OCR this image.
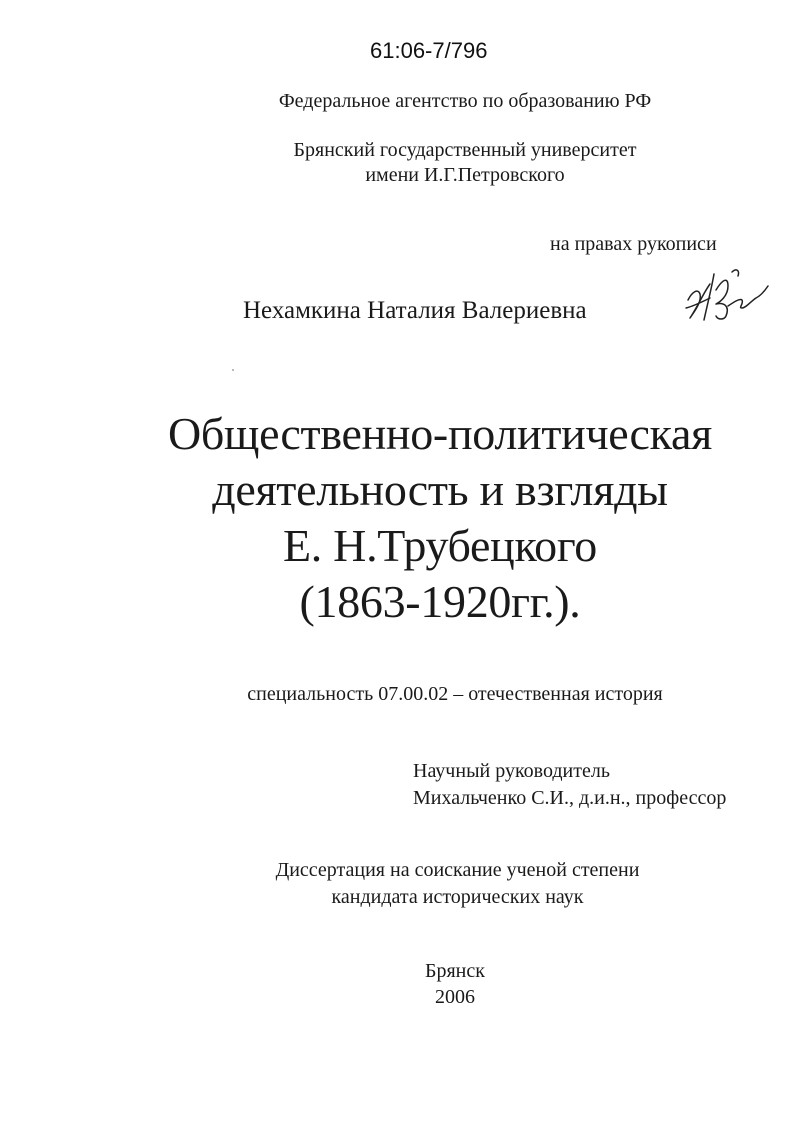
61:06-7/796
Федеральное агентство по образованию РФ
Брянский государственный университет
имени И.Г.Петровского
на правах рукописи
Нехамкина Наталия Валериевна
Общественно-политическая
деятельность и взгляды
Е. Н.Трубецкого
(1863-1920гг.).
специальность 07.00.02 – отечественная история
Научный руководитель
Михальченко С.И., д.и.н., профессор
Диссертация на соискание ученой степени
кандидата исторических наук
Брянск
2006
